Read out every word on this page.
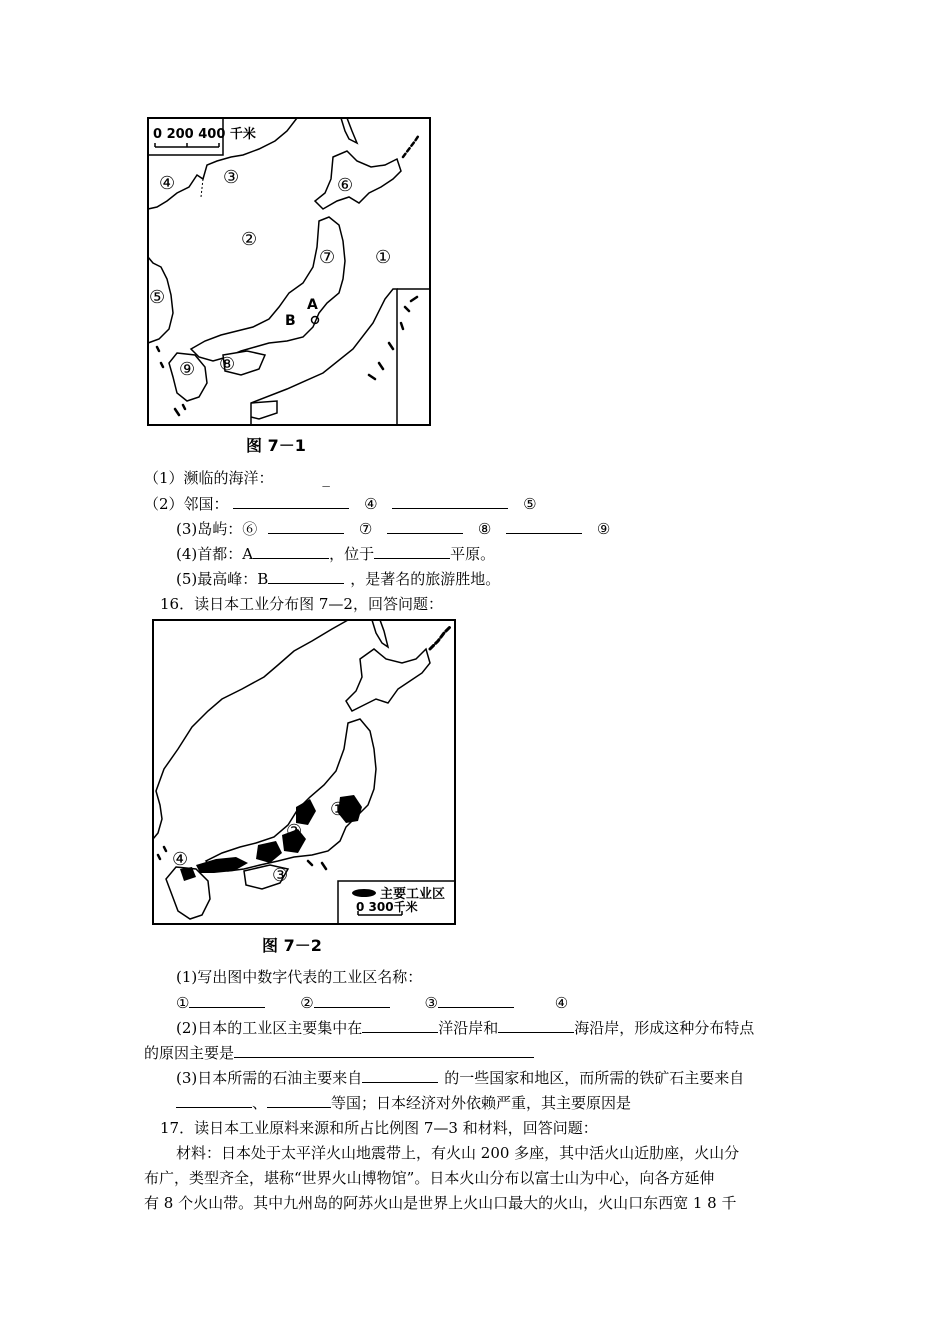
0 200 400 千米
①
②
③
④
⑤
⑥
⑦
⑧
⑨
A
B
图 7－1
（1）濒临的海洋：	_
（2）邻国：	④	⑤
(3)岛屿：⑥	⑦	⑧	⑨
(4)首都：A	，位于	平原。
(5)最高峰：B	，是著名的旅游胜地。
16．读日本工业分布图 7—2，回答问题：
主要工业区
0 300千米
①
②
③
④
图 7－2
(1)写出图中数字代表的工业区名称：
①	②	③	④
(2)日本的工业区主要集中在	洋沿岸和	海沿岸，形成这种分布特点
的原因主要是
(3)日本所需的石油主要来自	的一些国家和地区，而所需的铁矿石主要来自
、	等国；日本经济对外依赖严重，其主要原因是
17．读日本工业原料来源和所占比例图 7—3 和材料，回答问题：
材料：日本处于太平洋火山地震带上，有火山 200 多座，其中活火山近肋座，火山分
布广，类型齐全，堪称“世界火山博物馆”。日本火山分布以富士山为中心，向各方延伸
有 8 个火山带。其中九州岛的阿苏火山是世界上火山口最大的火山，火山口东西宽 1 8 千
